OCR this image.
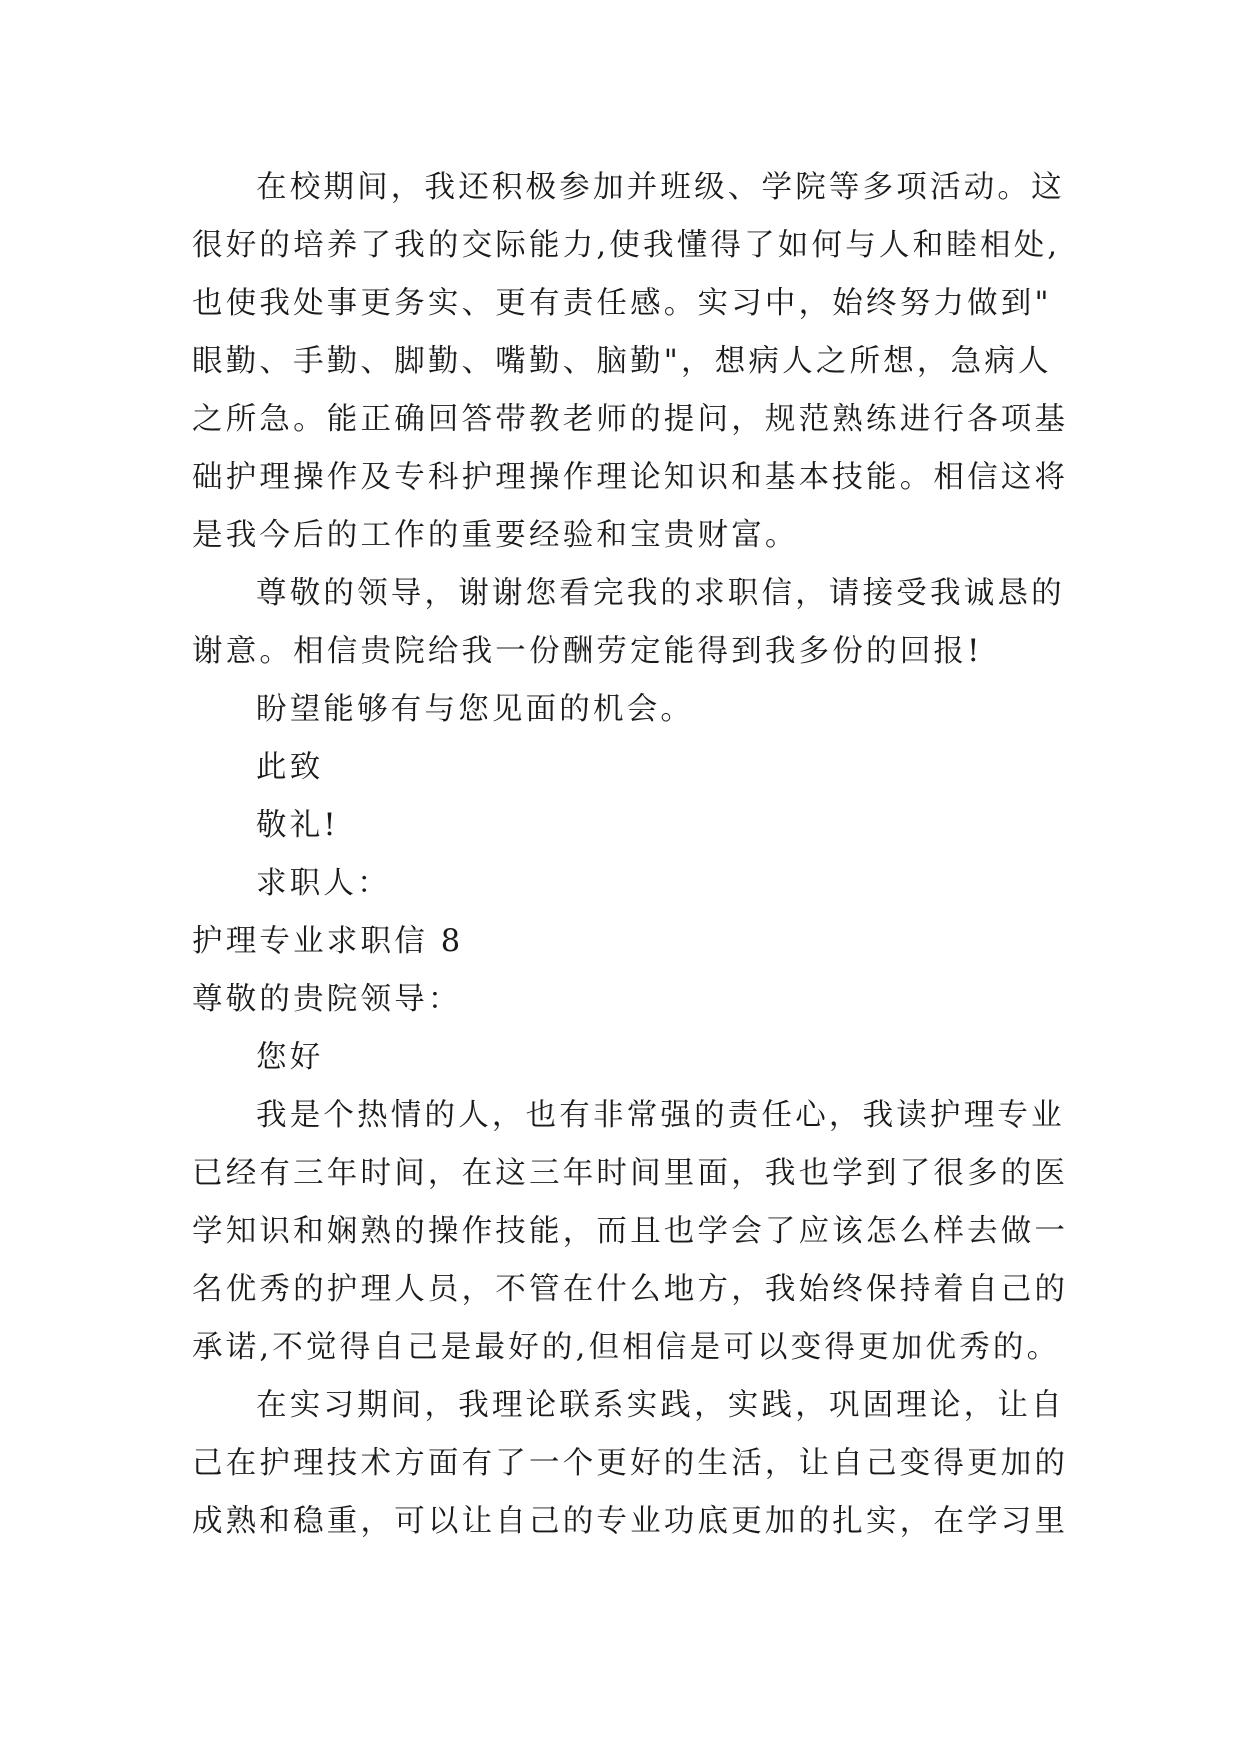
在校期间，我还积极参加并班级、学院等多项活动。这
很好的培养了我的交际能力,使我懂得了如何与人和睦相处,
也使我处事更务实、更有责任感。实习中，始终努力做到"
眼勤、手勤、脚勤、嘴勤、脑勤"，想病人之所想，急病人
之所急。能正确回答带教老师的提问，规范熟练进行各项基
础护理操作及专科护理操作理论知识和基本技能。相信这将
是我今后的工作的重要经验和宝贵财富。
尊敬的领导，谢谢您看完我的求职信，请接受我诚恳的
谢意。相信贵院给我一份酬劳定能得到我多份的回报!
盼望能够有与您见面的机会。
此致
敬礼!
求职人：
护理专业求职信 8
尊敬的贵院领导：
您好
我是个热情的人，也有非常强的责任心，我读护理专业
已经有三年时间，在这三年时间里面，我也学到了很多的医
学知识和娴熟的操作技能，而且也学会了应该怎么样去做一
名优秀的护理人员，不管在什么地方，我始终保持着自己的
承诺,不觉得自己是最好的,但相信是可以变得更加优秀的。
在实习期间，我理论联系实践，实践，巩固理论，让自
己在护理技术方面有了一个更好的生活，让自己变得更加的
成熟和稳重，可以让自己的专业功底更加的扎实，在学习里
